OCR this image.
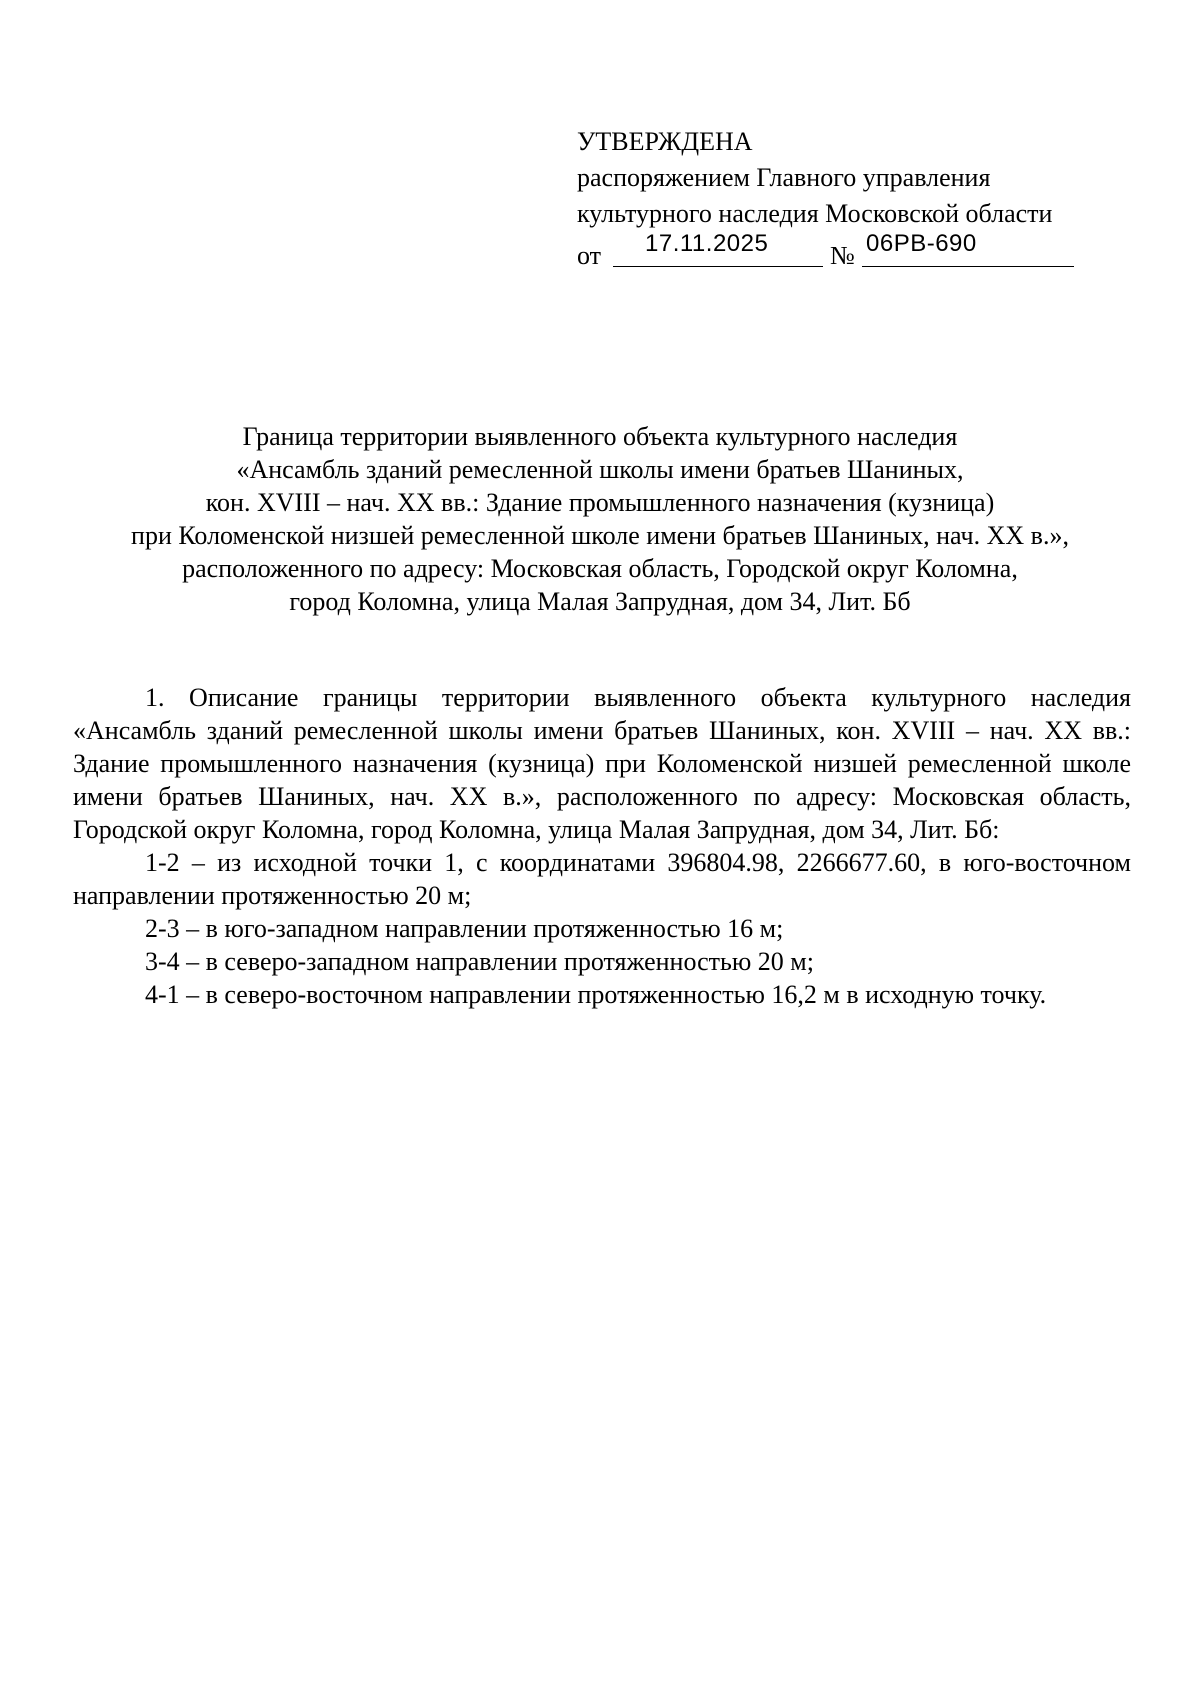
УТВЕРЖДЕНА
распоряжением Главного управления
культурного наследия Московской области
от 17.11.2025 № 06РВ-690
Граница территории выявленного объекта культурного наследия
«Ансамбль зданий ремесленной школы имени братьев Шаниных,
кон. XVIII – нач. XX вв.: Здание промышленного назначения (кузница)
при Коломенской низшей ремесленной школе имени братьев Шаниных, нач. XX в.»,
расположенного по адресу: Московская область, Городской округ Коломна,
город Коломна, улица Малая Запрудная, дом 34, Лит. Бб

1. Описание границы территории выявленного объекта культурного наследия «Ансамбль зданий ремесленной школы имени братьев Шаниных, кон. XVIII – нач. XX вв.: Здание промышленного назначения (кузница) при Коломенской низшей ремесленной школе имени братьев Шаниных, нач. XX в.», расположенного по адресу: Московская область, Городской округ Коломна, город Коломна, улица Малая Запрудная, дом 34, Лит. Бб:

1-2 – из исходной точки 1, с координатами 396804.98, 2266677.60, в юго-восточном направлении протяженностью 20 м;

2-3 – в юго-западном направлении протяженностью 16 м;

3-4 – в северо-западном направлении протяженностью 20 м;

4-1 – в северо-восточном направлении протяженностью 16,2 м в исходную точку.
